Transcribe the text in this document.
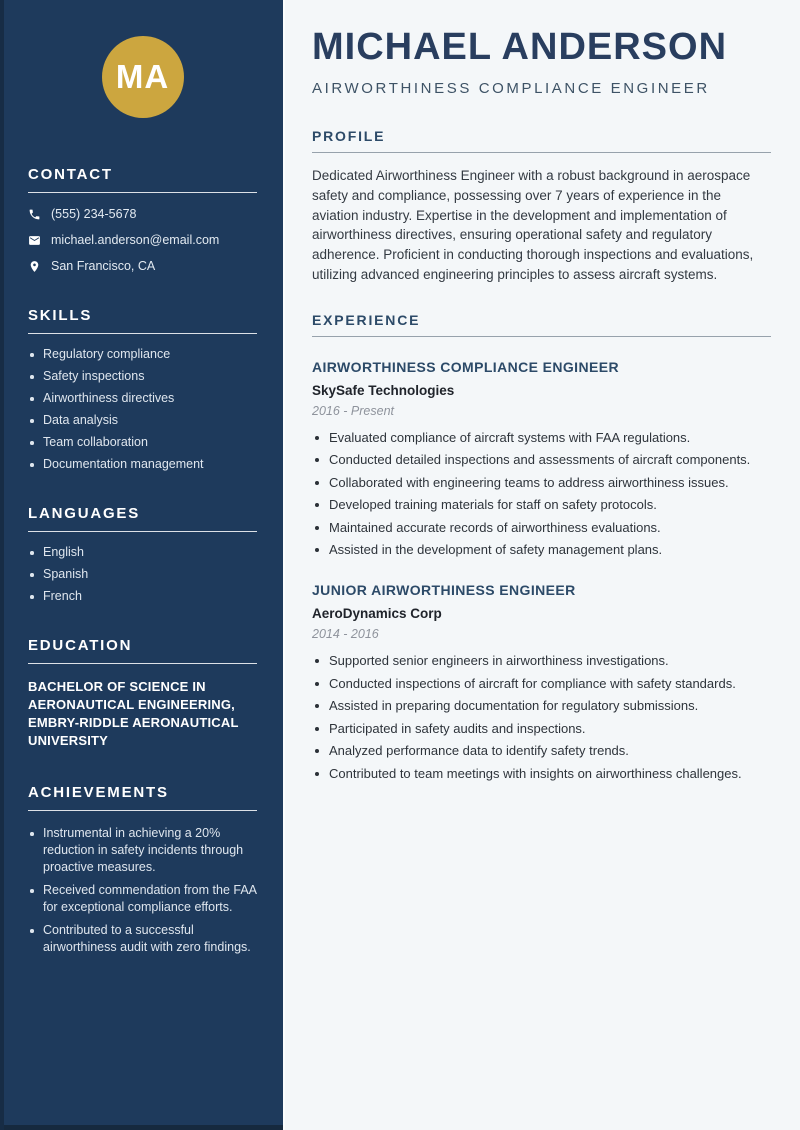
MA
CONTACT
(555) 234-5678
michael.anderson@email.com
San Francisco, CA
SKILLS
Regulatory compliance
Safety inspections
Airworthiness directives
Data analysis
Team collaboration
Documentation management
LANGUAGES
English
Spanish
French
EDUCATION
BACHELOR OF SCIENCE IN AERONAUTICAL ENGINEERING, EMBRY-RIDDLE AERONAUTICAL UNIVERSITY
ACHIEVEMENTS
Instrumental in achieving a 20% reduction in safety incidents through proactive measures.
Received commendation from the FAA for exceptional compliance efforts.
Contributed to a successful airworthiness audit with zero findings.
MICHAEL ANDERSON
AIRWORTHINESS COMPLIANCE ENGINEER
PROFILE

Dedicated Airworthiness Engineer with a robust background in aerospace safety and compliance, possessing over 7 years of experience in the aviation industry. Expertise in the development and implementation of airworthiness directives, ensuring operational safety and regulatory adherence. Proficient in conducting thorough inspections and evaluations, utilizing advanced engineering principles to assess aircraft systems.

EXPERIENCE
AIRWORTHINESS COMPLIANCE ENGINEER
SkySafe Technologies
2016 - Present
Evaluated compliance of aircraft systems with FAA regulations.
Conducted detailed inspections and assessments of aircraft components.
Collaborated with engineering teams to address airworthiness issues.
Developed training materials for staff on safety protocols.
Maintained accurate records of airworthiness evaluations.
Assisted in the development of safety management plans.
JUNIOR AIRWORTHINESS ENGINEER
AeroDynamics Corp
2014 - 2016
Supported senior engineers in airworthiness investigations.
Conducted inspections of aircraft for compliance with safety standards.
Assisted in preparing documentation for regulatory submissions.
Participated in safety audits and inspections.
Analyzed performance data to identify safety trends.
Contributed to team meetings with insights on airworthiness challenges.
